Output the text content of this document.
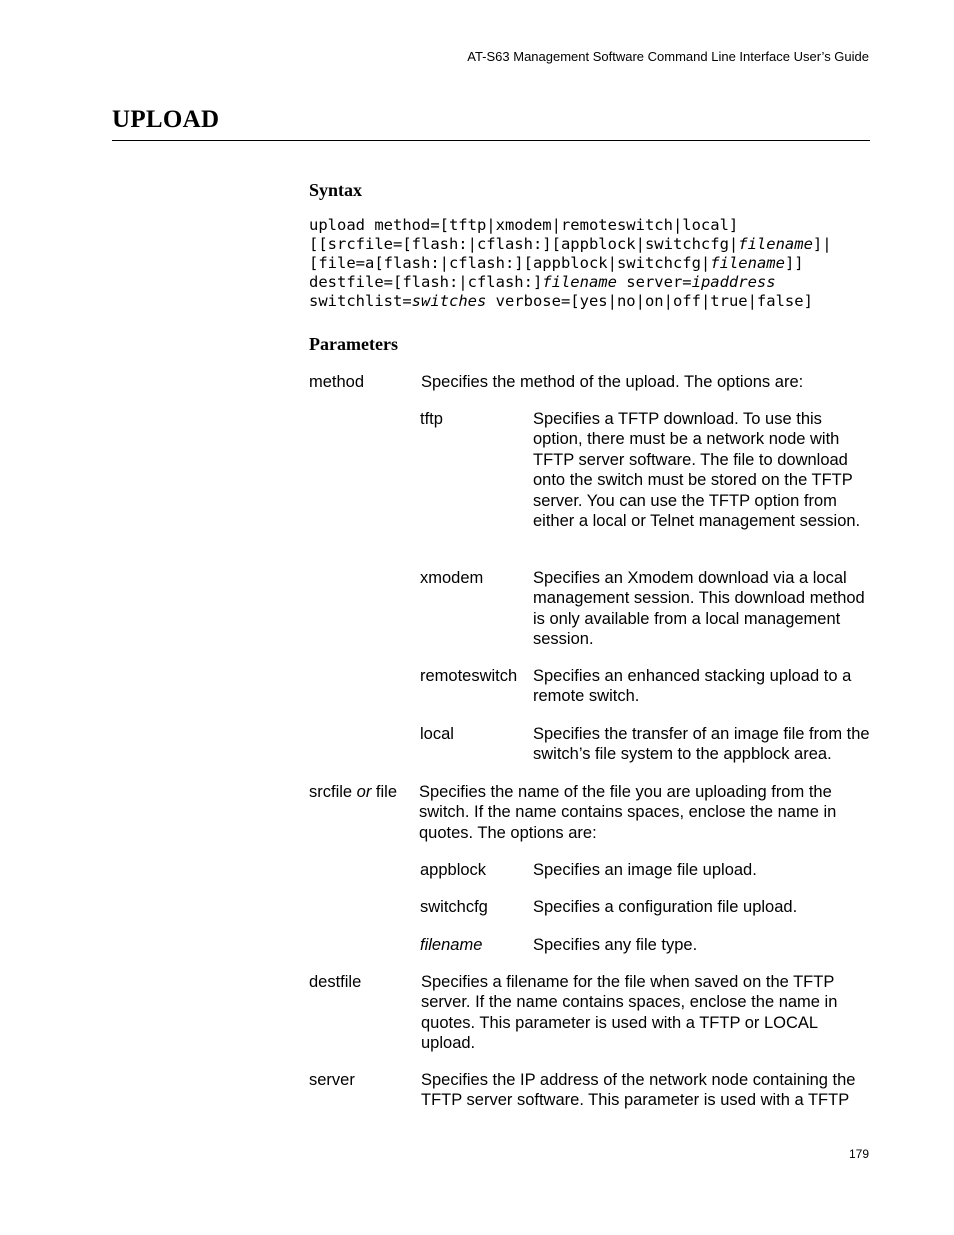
AT-S63 Management Software Command Line Interface User’s Guide
UPLOAD
Syntax
upload method=[tftp|xmodem|remoteswitch|local]
[[srcfile=[flash:|cflash:][appblock|switchcfg|filename]|
[file=a[flash:|cflash:][appblock|switchcfg|filename]]
destfile=[flash:|cflash:]filename server=ipaddress
switchlist=switches verbose=[yes|no|on|off|true|false]
Parameters
method	Specifies the method of the upload. The options are:
tftp	Specifies a TFTP download. To use this option, there must be a network node with TFTP server software. The file to download onto the switch must be stored on the TFTP server. You can use the TFTP option from either a local or Telnet management session.
xmodem	Specifies an Xmodem download via a local management session. This download method is only available from a local management session.
remoteswitch Specifies an enhanced stacking upload to a remote switch.
local	Specifies the transfer of an image file from the switch’s file system to the appblock area.
srcfile or file Specifies the name of the file you are uploading from the switch. If the name contains spaces, enclose the name in quotes. The options are:
appblock	Specifies an image file upload.
switchcfg	Specifies a configuration file upload.
filename	Specifies any file type.
destfile	Specifies a filename for the file when saved on the TFTP server. If the name contains spaces, enclose the name in quotes. This parameter is used with a TFTP or LOCAL upload.
server	Specifies the IP address of the network node containing the TFTP server software. This parameter is used with a TFTP
179
